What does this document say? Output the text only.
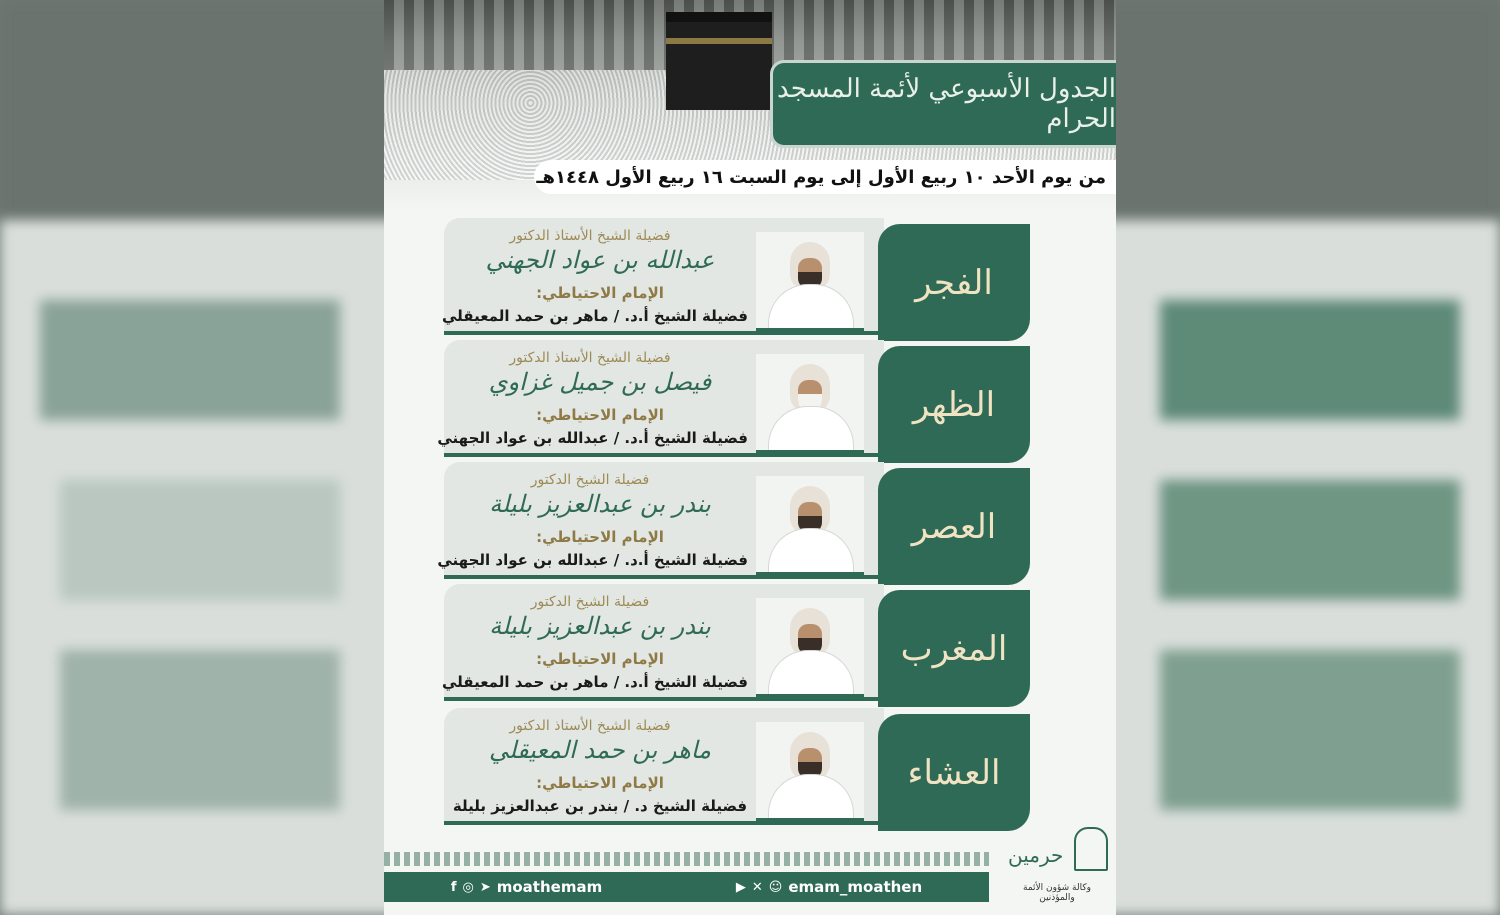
الجدول الأسبوعي لأئمة المسجد الحرام
من يوم الأحد ١٠ ربيع الأول إلى يوم السبت ١٦ ربيع الأول ١٤٤٨هـ
فضيلة الشيخ الأستاذ الدكتور
عبدالله بن عواد الجهني
الإمام الاحتياطي:
فضيلة الشيخ أ.د. / ماهر بن حمد المعيقلي
الفجر
فضيلة الشيخ الأستاذ الدكتور
فيصل بن جميل غزاوي
الإمام الاحتياطي:
فضيلة الشيخ أ.د. / عبدالله بن عواد الجهني
الظهر
فضيلة الشيخ الدكتور
بندر بن عبدالعزيز بليلة
الإمام الاحتياطي:
فضيلة الشيخ أ.د. / عبدالله بن عواد الجهني
العصر
فضيلة الشيخ الدكتور
بندر بن عبدالعزيز بليلة
الإمام الاحتياطي:
فضيلة الشيخ أ.د. / ماهر بن حمد المعيقلي
المغرب
فضيلة الشيخ الأستاذ الدكتور
ماهر بن حمد المعيقلي
الإمام الاحتياطي:
فضيلة الشيخ د. / بندر بن عبدالعزيز بليلة
العشاء
f ◎ ➤ moathemam	▶ ✕ ☺ emam_moathen
حرمين
وكالة شؤون الأئمة والمؤذنين
